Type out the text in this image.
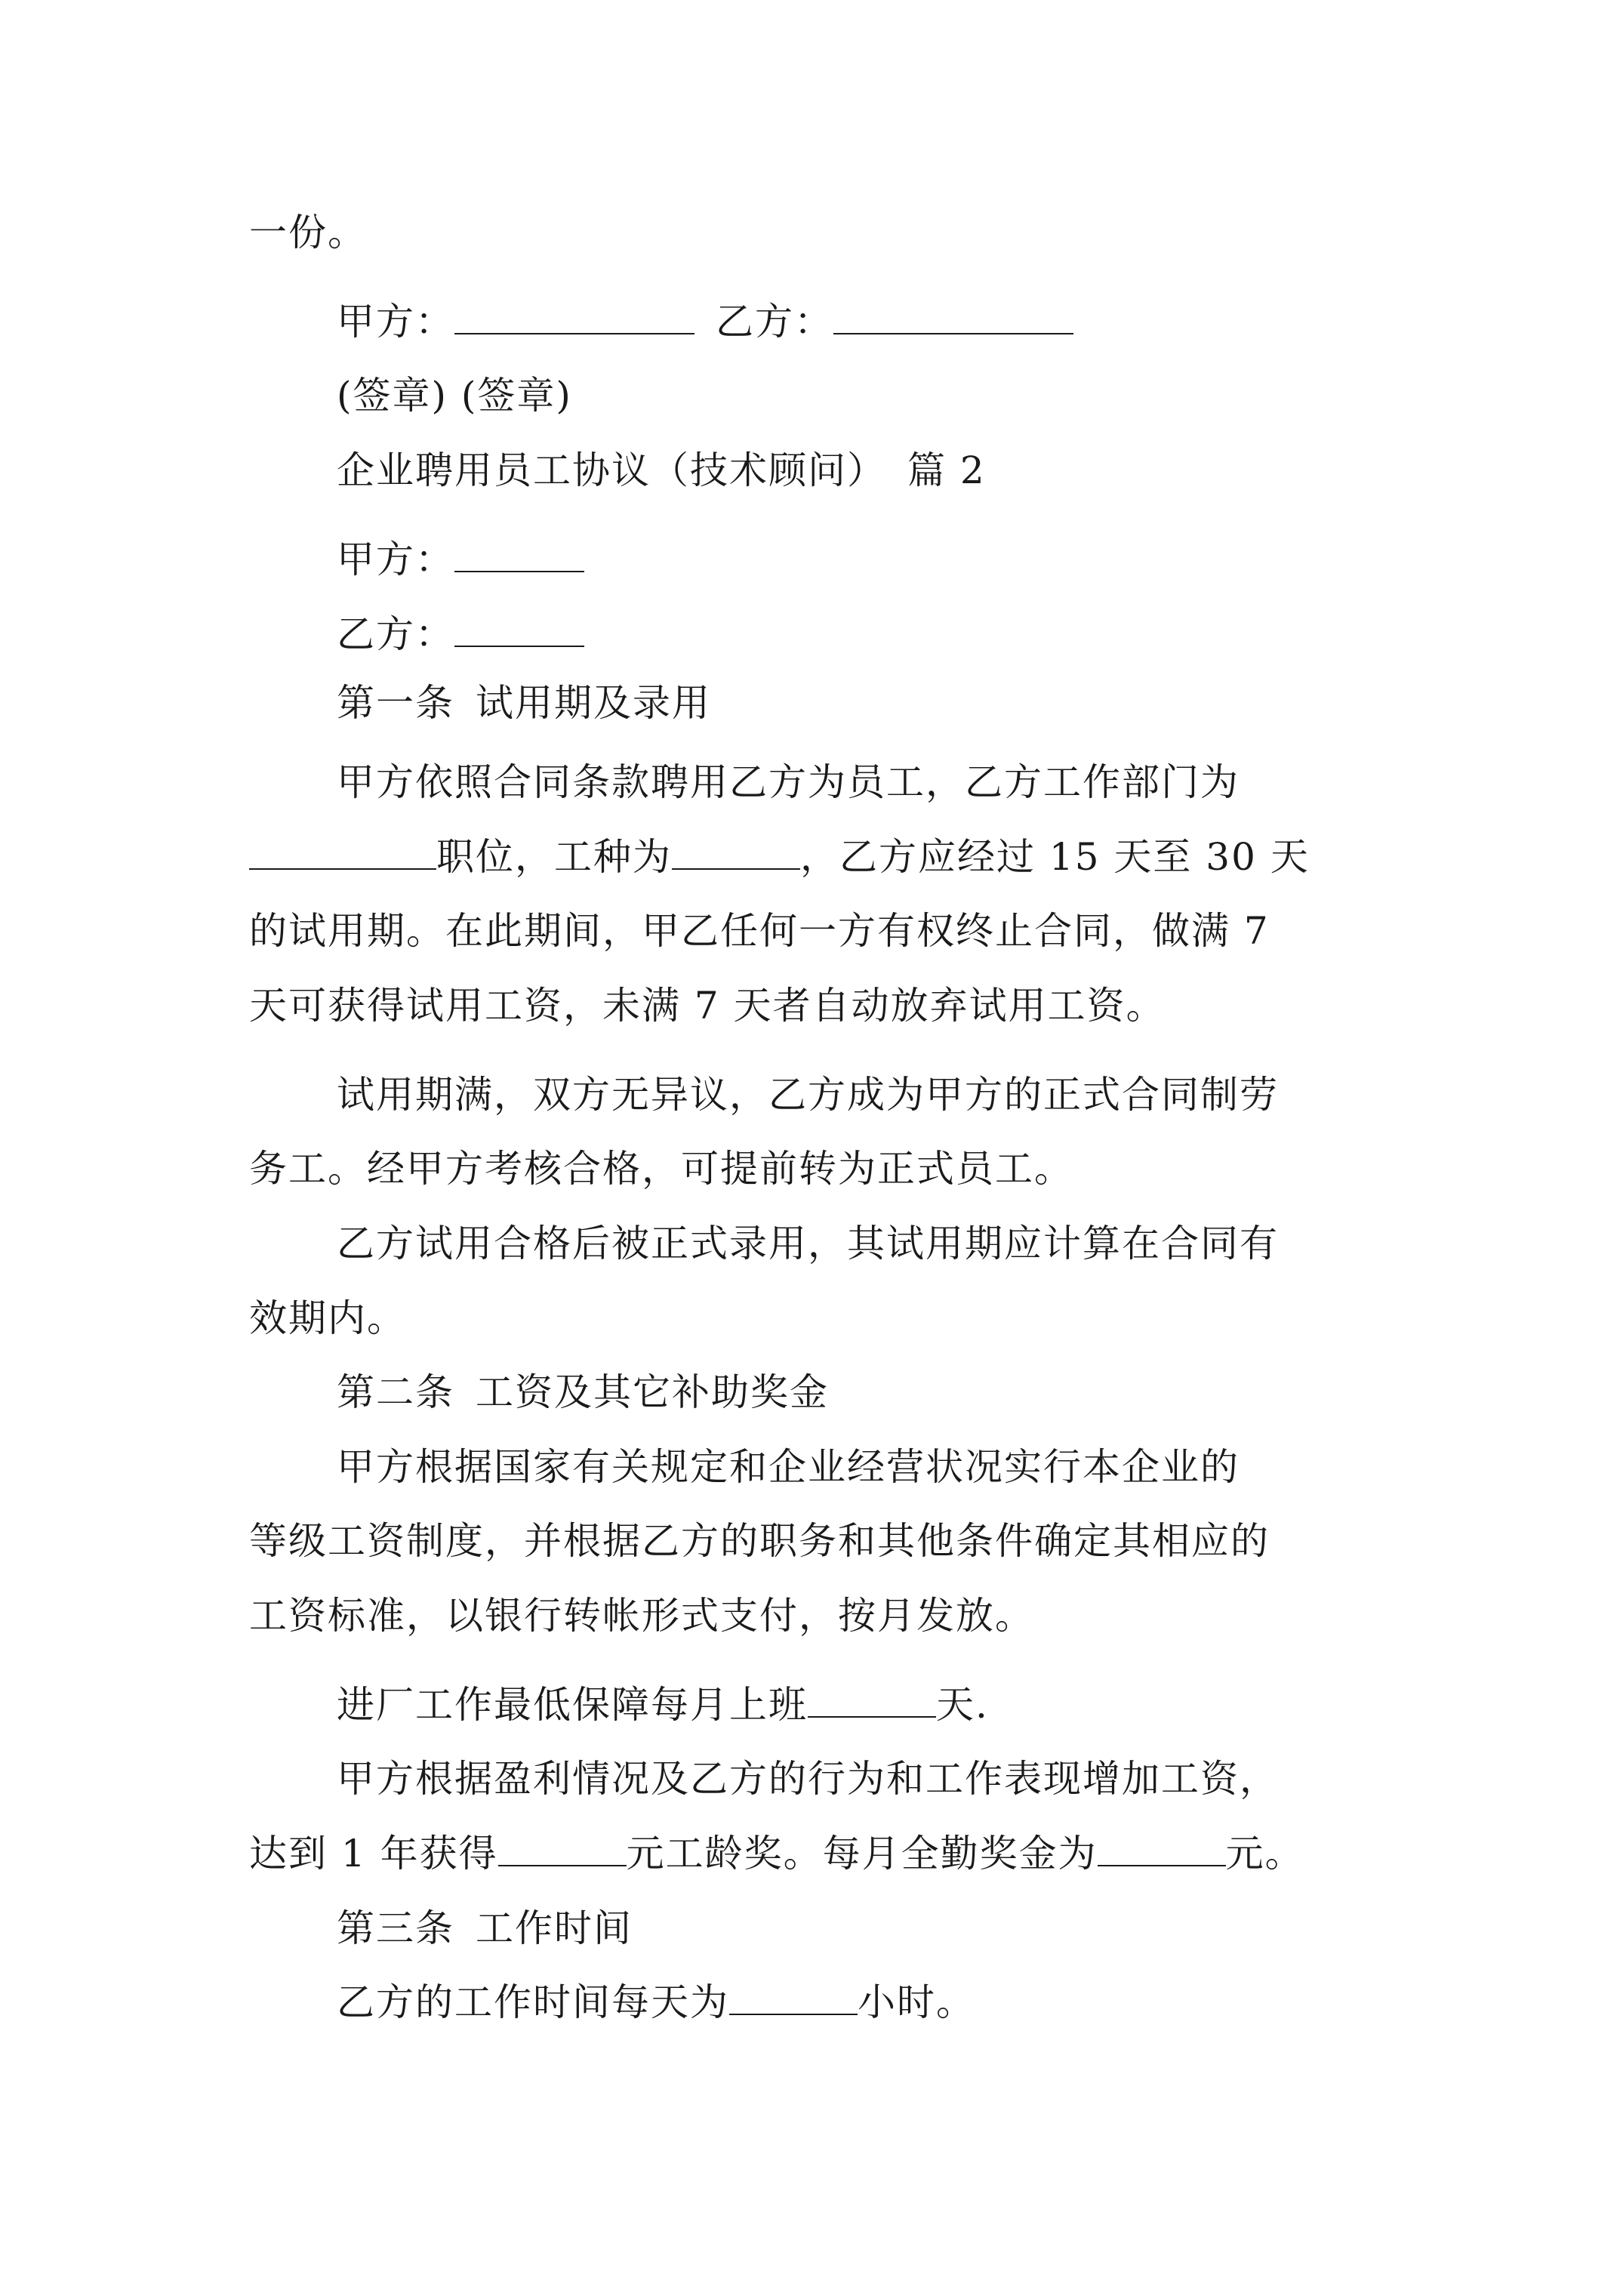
一份。
甲方：	乙方：
(签章) (签章)
企业聘用员工协议（技术顾问） 篇 2
甲方：
乙方：
第一条 试用期及录用
甲方依照合同条款聘用乙方为员工，乙方工作部门为
职位，工种为	，乙方应经过 15 天至 30 天
的试用期。在此期间，甲乙任何一方有权终止合同，做满 7
天可获得试用工资，未满 7 天者自动放弃试用工资。
试用期满，双方无异议，乙方成为甲方的正式合同制劳
务工。经甲方考核合格，可提前转为正式员工。
乙方试用合格后被正式录用，其试用期应计算在合同有
效期内。
第二条 工资及其它补助奖金
甲方根据国家有关规定和企业经营状况实行本企业的
等级工资制度，并根据乙方的职务和其他条件确定其相应的
工资标准，以银行转帐形式支付，按月发放。
进厂工作最低保障每月上班	天.
甲方根据盈利情况及乙方的行为和工作表现增加工资，
达到 1 年获得	元工龄奖。每月全勤奖金为	元。
第三条 工作时间
乙方的工作时间每天为	小时。
